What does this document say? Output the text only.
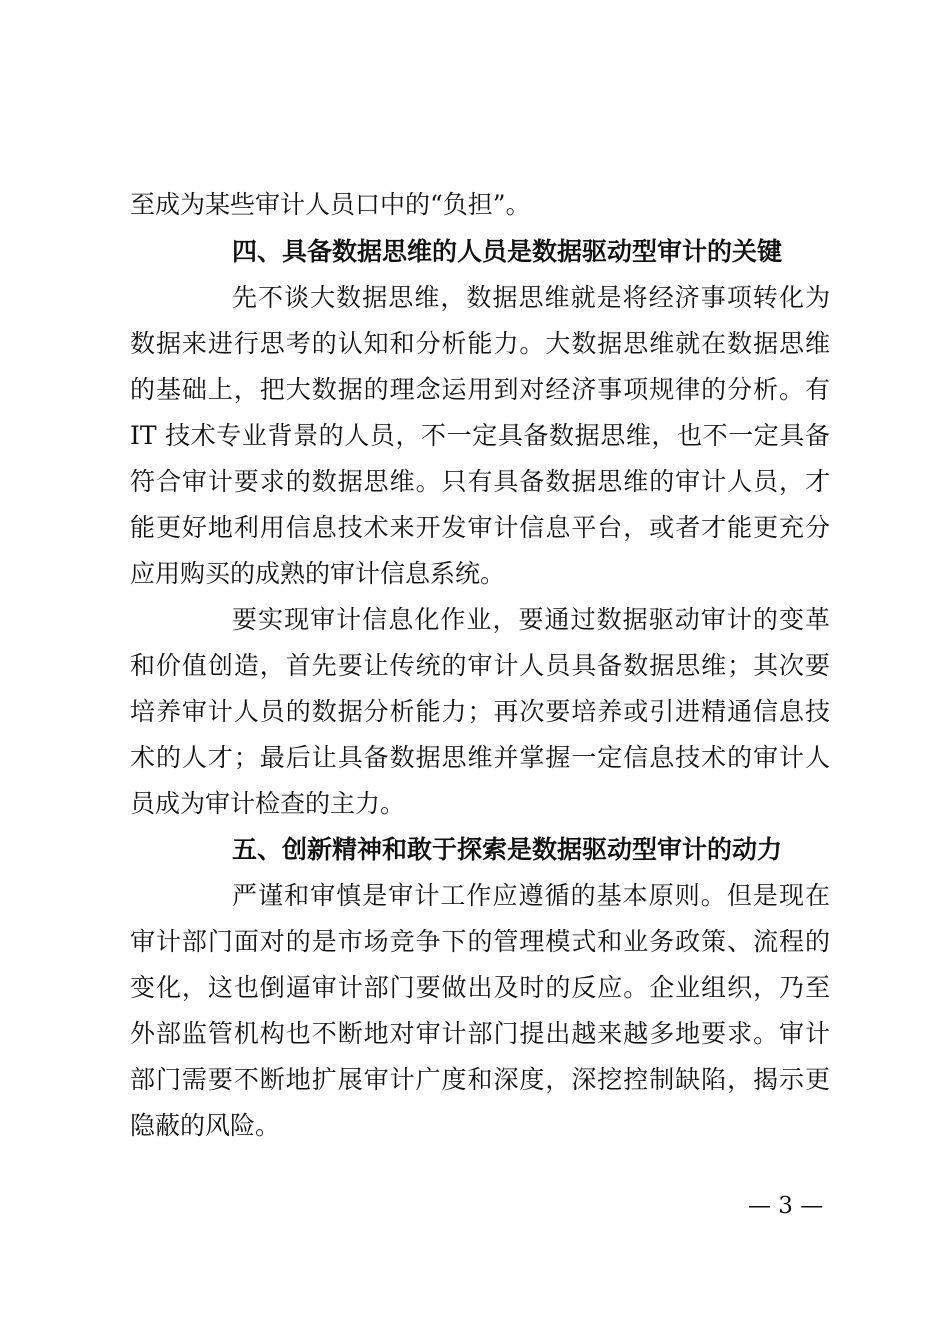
至成为某些审计人员口中的“负担”。
四、具备数据思维的人员是数据驱动型审计的关键
先不谈大数据思维，数据思维就是将经济事项转化为
数据来进行思考的认知和分析能力。大数据思维就在数据思维
的基础上，把大数据的理念运用到对经济事项规律的分析。有
IT 技术专业背景的人员，不一定具备数据思维，也不一定具备
符合审计要求的数据思维。只有具备数据思维的审计人员，才
能更好地利用信息技术来开发审计信息平台，或者才能更充分
应用购买的成熟的审计信息系统。
要实现审计信息化作业，要通过数据驱动审计的变革
和价值创造，首先要让传统的审计人员具备数据思维；其次要
培养审计人员的数据分析能力；再次要培养或引进精通信息技
术的人才；最后让具备数据思维并掌握一定信息技术的审计人
员成为审计检查的主力。
五、创新精神和敢于探索是数据驱动型审计的动力
严谨和审慎是审计工作应遵循的基本原则。但是现在
审计部门面对的是市场竞争下的管理模式和业务政策、流程的
变化，这也倒逼审计部门要做出及时的反应。企业组织，乃至
外部监管机构也不断地对审计部门提出越来越多地要求。审计
部门需要不断地扩展审计广度和深度，深挖控制缺陷，揭示更
隐蔽的风险。
— 3 —
